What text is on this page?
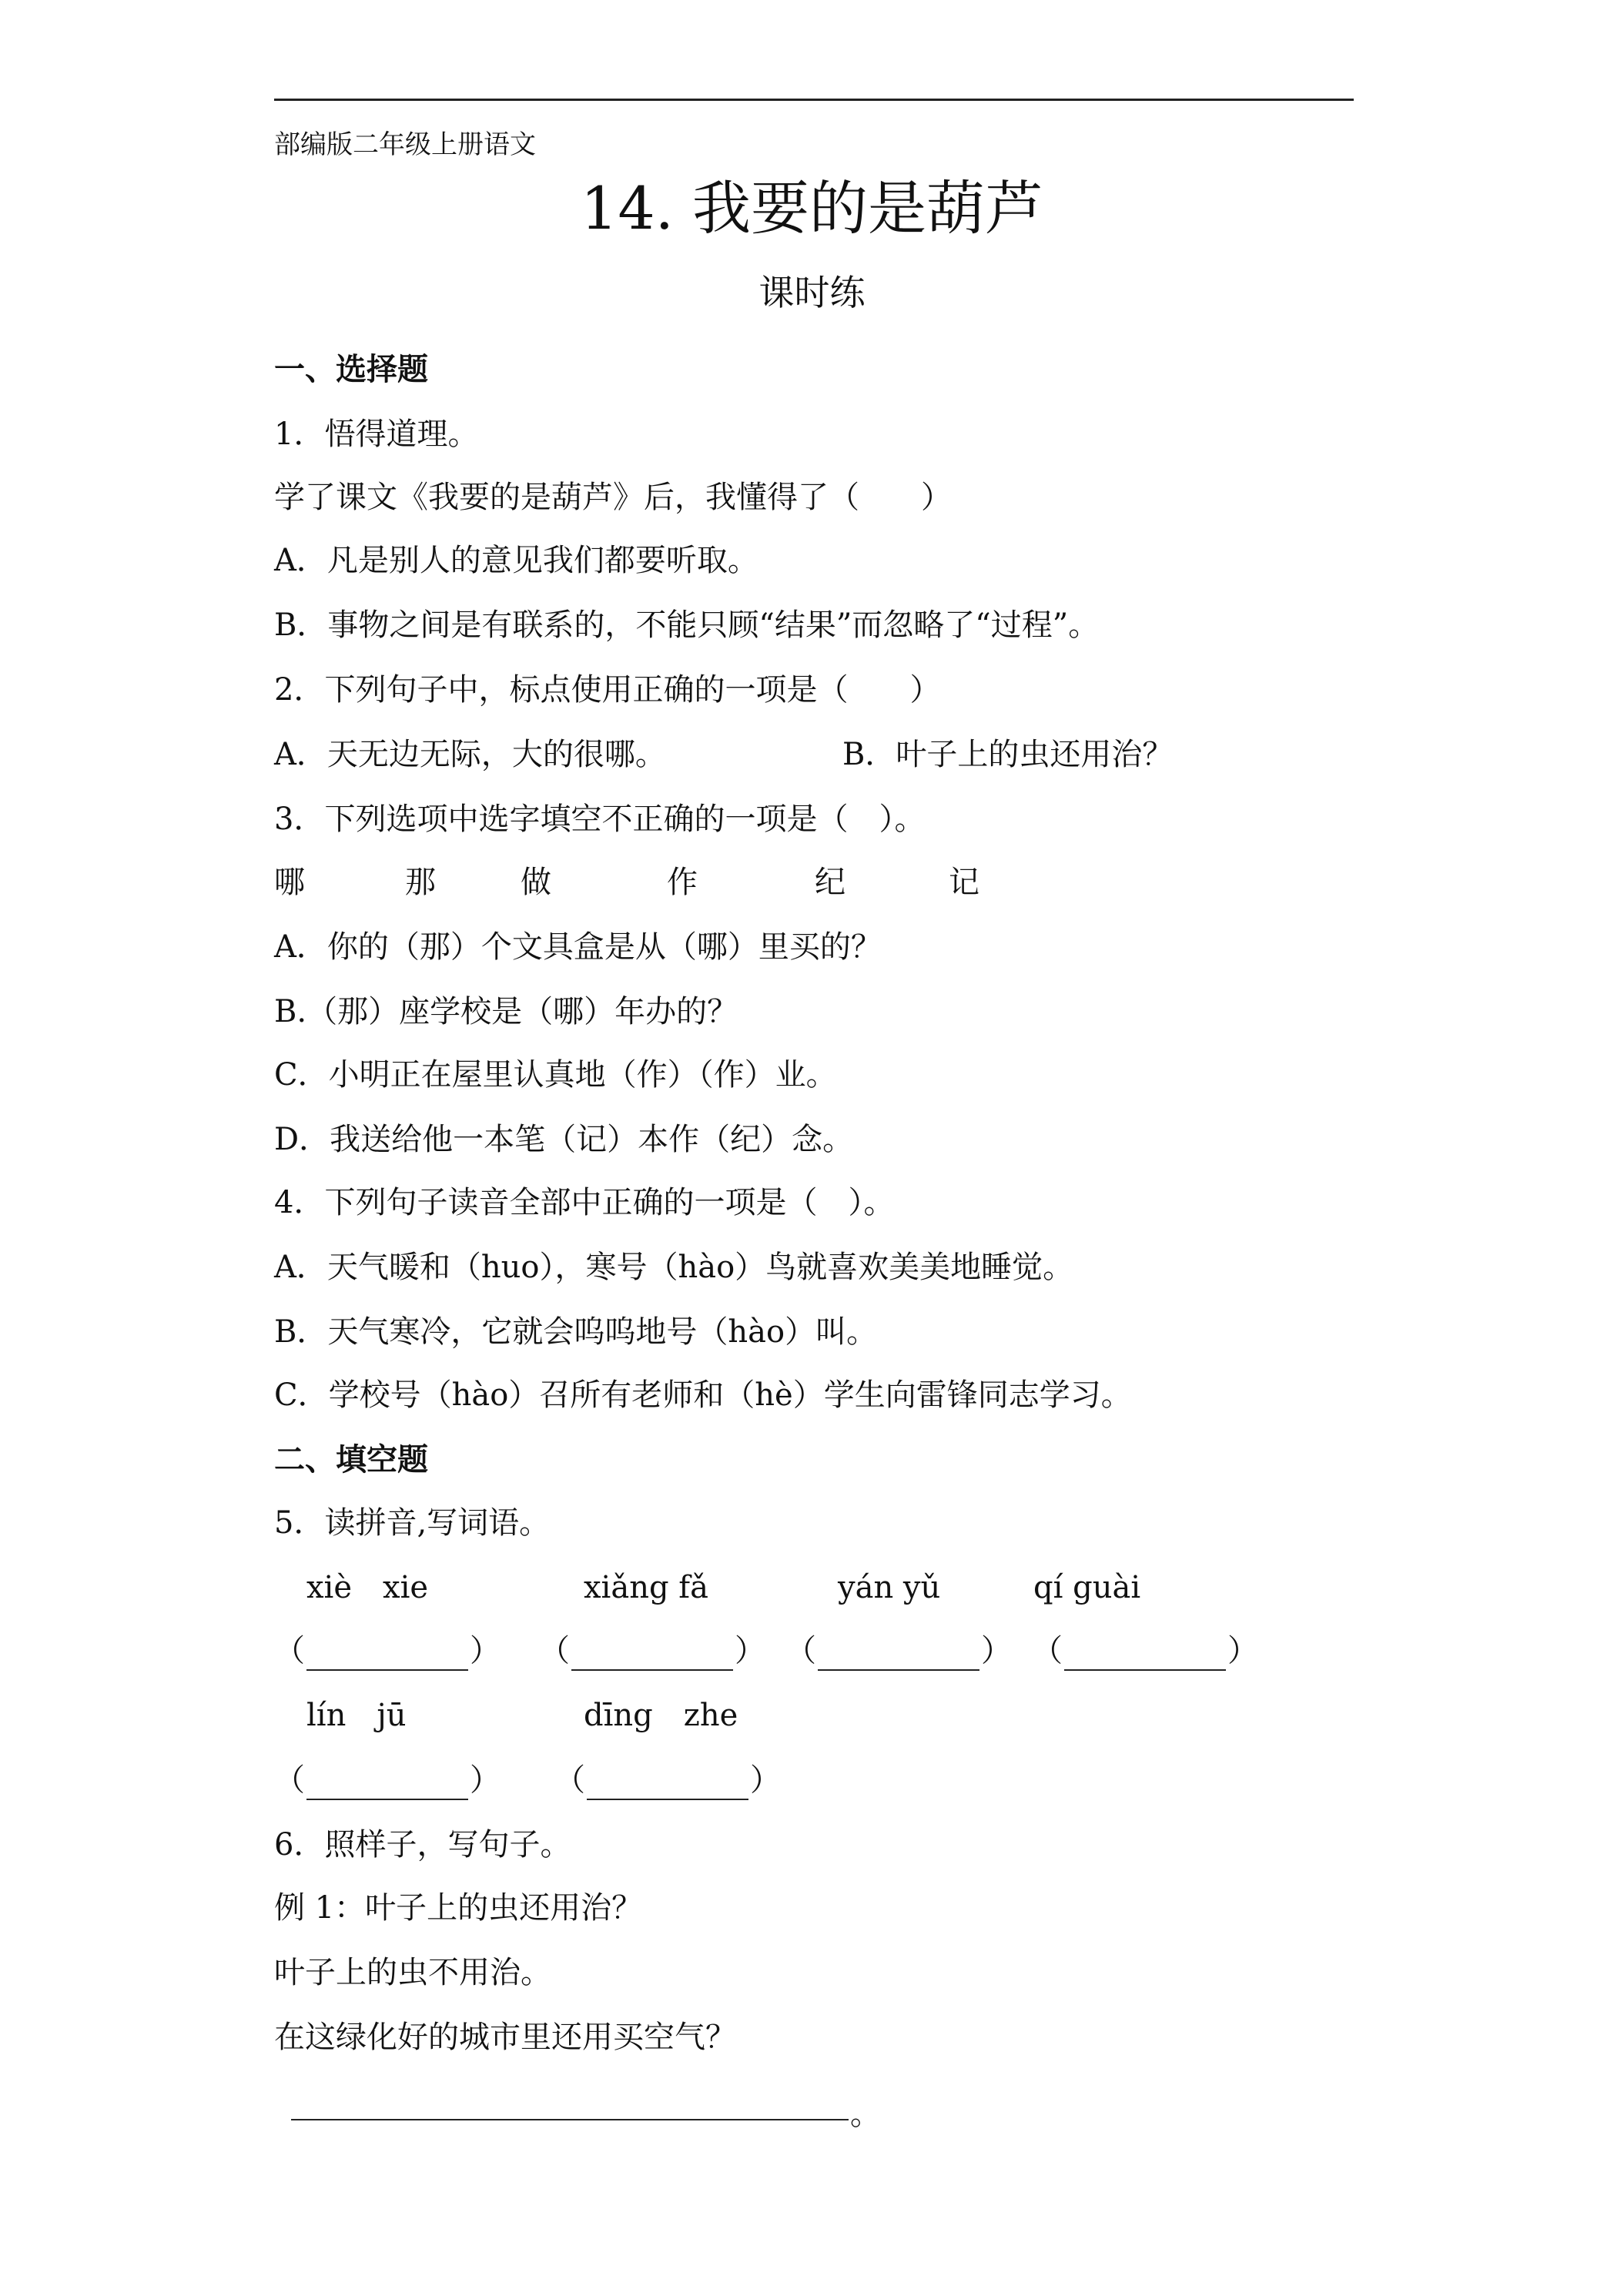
部编版二年级上册语文
14. 我要的是葫芦
课时练
一、选择题
1．悟得道理。
学了课文《我要的是葫芦》后，我懂得了（　　）
A．凡是别人的意见我们都要听取。
B．事物之间是有联系的，不能只顾“结果”而忽略了“过程”。
2．下列句子中，标点使用正确的一项是（　　）
A．天无边无际，大的很哪。	B．叶子上的虫还用治？
3．下列选项中选字填空不正确的一项是（　）。
哪	那	做	作	纪	记
A．你的（那）个文具盒是从（哪）里买的？
B.（那）座学校是（哪）年办的？
C．小明正在屋里认真地（作）（作）业。
D．我送给他一本笔（记）本作（纪）念。
4．下列句子读音全部中正确的一项是（　）。
A．天气暖和（huo），寒号（hào）鸟就喜欢美美地睡觉。
B．天气寒冷，它就会呜呜地号（hào）叫。
C．学校号（hào）召所有老师和（hè）学生向雷锋同志学习。
二、填空题
5．读拼音,写词语。
xiè　xie	xiǎng fǎ	yán yǔ	qí guài
（	） （	） （	） （	）
lín　jū	dīng　zhe
（	） （	）
6．照样子，写句子。
例 1：叶子上的虫还用治？
叶子上的虫不用治。
在这绿化好的城市里还用买空气？
。
